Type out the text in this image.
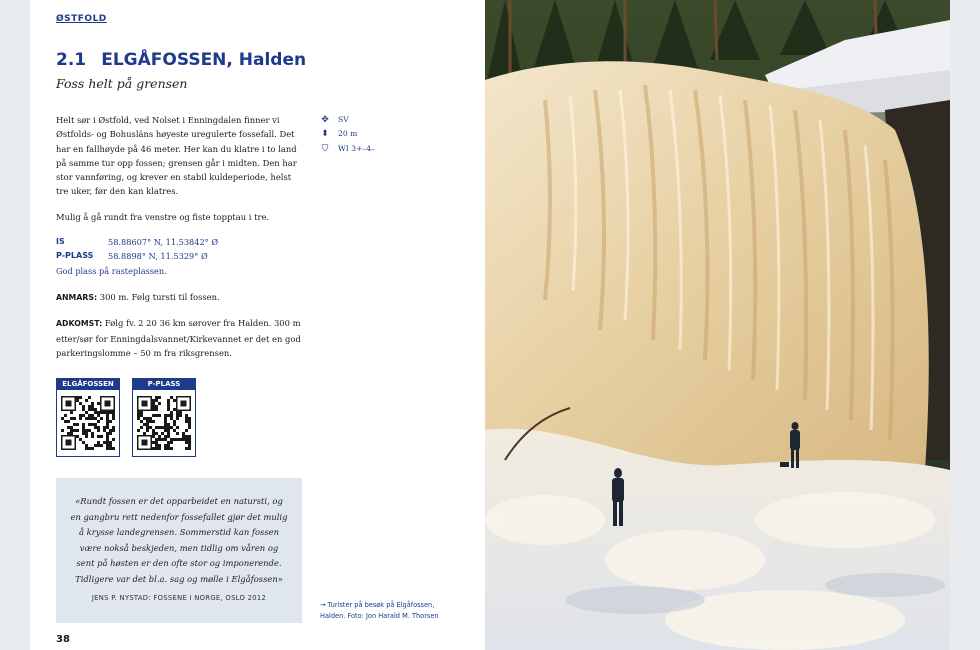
ØSTFOLD
2.1 ELGÅFOSSEN, Halden
Foss helt på grensen

Helt sør i Østfold, ved Nolset i Enningdalen finner vi Østfolds- og Bohusläns høyeste uregulerte fossefall. Det har en fallhøyde på 46 meter. Her kan du klatre i to land på samme tur opp fossen; grensen går i midten. Den har stor vannføring, og krever en stabil kuldeperiode, helst tre uker, før den kan klatres.

Mulig å gå rundt fra venstre og fiste topptau i tre.

IS	58.88607° N, 11.53842° Ø
P-PLASS	58.8898° N, 11.5329° Ø
God plass på rasteplassen.

ANMARS: 300 m. Følg tursti til fossen.

ADKOMST: Følg fv. 2 20 36 km sørover fra Halden. 300 m etter/sør for Enningdalsvannet/Kirkevannet er det en god parkeringslomme – 50 m fra riksgrensen.

✥ SV
⬍ 20 m
⛉ WI 3+–4–
ELGÅFOSSEN	P-PLASS
«Rundt fossen er det opparbeidet en natursti, og en gangbru rett nedenfor fossefallet gjør det mulig å krysse landegrensen. Sommerstid kan fossen være nokså beskjeden, men tidlig om våren og sent på høsten er den ofte stor og imponerende. Tidligere var det bl.a. sag og mølle i Elgåfossen»
JENS P. NYSTAD: FOSSENE I NORGE, OSLO 2012
→ Turister på besøk på Elgåfossen, Halden. Foto: Jon Harald M. Thorsen
38
